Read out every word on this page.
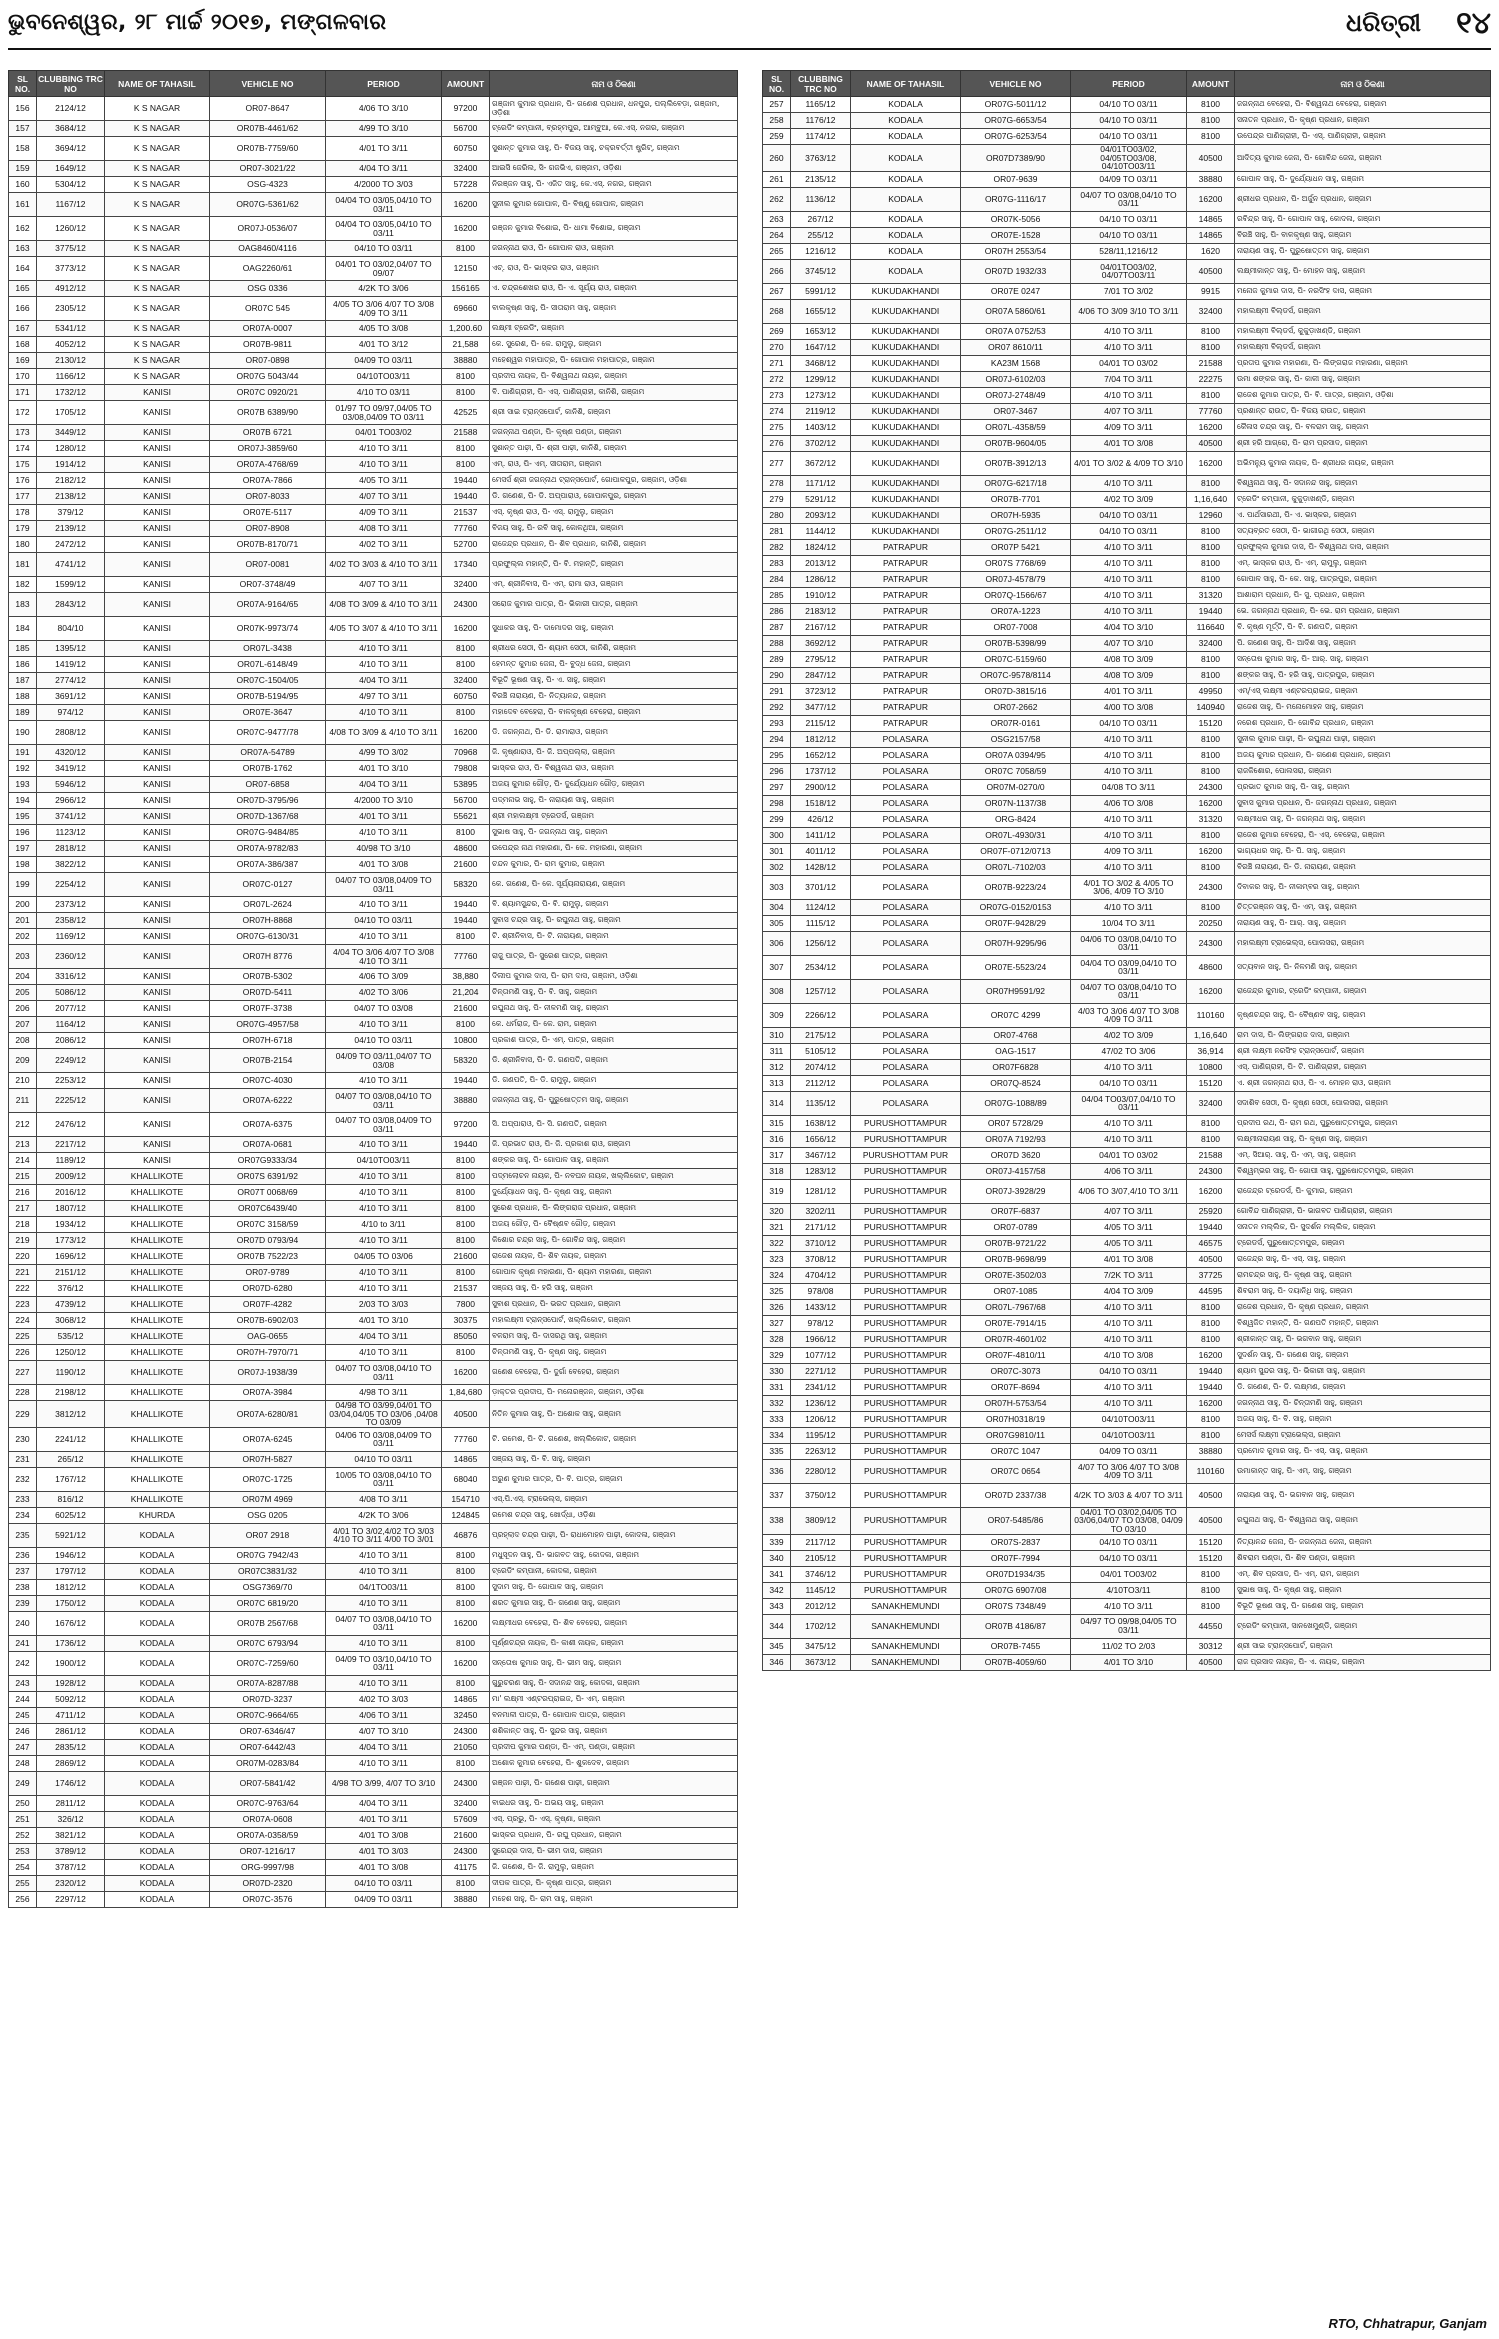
ଭୁବନେଶ୍ୱର, ୨୮ ମାର୍ଚ୍ଚ ୨୦୧୭, ମଙ୍ଗଳବାର	ଧରିତ୍ରୀ ୧୪
SL NO.	CLUBBING TRC NO	NAME OF TAHASIL	VEHICLE NO	PERIOD	AMOUNT	ନାମ ଓ ଠିକଣା
156	2124/12	K S NAGAR	OR07-8647	4/06 TO 3/10	97200	ଗଞ୍ଜାମ କୁମାର ପ୍ରଧାନ, ପି- ଗଣେଶ ପ୍ରଧାନ, ଧନପୁର, ପଲ୍ଲିବେଡ଼ା, ଗଞ୍ଜାମ, ଓଡ଼ିଶା
157	3684/12	K S NAGAR	OR07B-4461/62	4/99 TO 3/10	56700	ଟ୍ରେଡିଂ କମ୍ପାନୀ, ବ୍ରହ୍ମପୁର, ଆମ୍ବୁଆ, କେ.ଏସ୍. ନଗର, ଗଞ୍ଜାମ
158	3694/12	K S NAGAR	OR07B-7759/60	4/01 TO 3/11	60750	ସୁଶାନ୍ତ କୁମାର ସାହୁ, ପି- ବିଜୟ ସାହୁ, ଚକ୍ରବର୍ତ୍ତୀ ଷ୍ଟ୍ରିଟ୍, ଗଞ୍ଜାମ
159	1649/12	K S NAGAR	OR07-3021/22	4/04 TO 3/11	32400	ଆଇସି ଜେରିଲ, ସି- ଗଜଭିଏ, ଗଞ୍ଜାମ, ଓଡ଼ିଶା
160	5304/12	K S NAGAR	OSG-4323	4/2000 TO 3/03	57228	ନିରଞ୍ଜନ ସାହୁ, ପି- ଏଜିତ ସାହୁ, କେ.ଏସ୍. ନଗର, ଗଞ୍ଜାମ
161	1167/12	K S NAGAR	OR07G-5361/62	04/04 TO 03/05,04/10 TO 03/11	16200	ସୁନୀଲ କୁମାର ଗୋପାଳ, ପି- ବିଷ୍ଣୁ ଗୋପାଳ, ଗଞ୍ଜାମ
162	1260/12	K S NAGAR	OR07J-0536/07	04/04 TO 03/05,04/10 TO 03/11	16200	ରଞ୍ଜନ କୁମାର ବିଶୋଇ, ପି- ଧାମା ବିଶୋଇ, ଗଞ୍ଜାମ
163	3775/12	K S NAGAR	OAG8460/4116	04/10 TO 03/11	8100	ଜଗନ୍ନାଥ ରାଓ, ପି- ଗୋପାଳ ରାଓ, ଗଞ୍ଜାମ
164	3773/12	K S NAGAR	OAG2260/61	04/01 TO 03/02,04/07 TO 09/07	12150	ଏଚ୍. ରାଓ, ପି- ଭାସ୍କର ରାଓ, ଗଞ୍ଜାମ
165	4912/12	K S NAGAR	OSG 0336	4/2K TO 3/06	156165	ଏ. ଚନ୍ଦ୍ରଶେଖର ରାଓ, ପି- ଏ. ସୂର୍ଯ୍ୟ ରାଓ, ଗଞ୍ଜାମ
166	2305/12	K S NAGAR	OR07C 545	4/05 TO 3/06 4/07 TO 3/08 4/09 TO 3/11	69660	ବାଲକୃଷ୍ଣ ସାହୁ, ପି- ସୀତାରାମ ସାହୁ, ଗଞ୍ଜାମ
167	5341/12	K S NAGAR	OR07A-0007	4/05 TO 3/08	1,200.60	ଲକ୍ଷ୍ମୀ ଟ୍ରେଡିଂ, ଗଞ୍ଜାମ
168	4052/12	K S NAGAR	OR07B-9811	4/01 TO 3/12	21,588	କେ. ସୁରେଶ, ପି- କେ. ରାମୁଲୁ, ଗଞ୍ଜାମ
169	2130/12	K S NAGAR	OR07-0898	04/09 TO 03/11	38880	ମହେଶ୍ୱର ମହାପାତ୍ର, ପି- ଗୋପାଳ ମହାପାତ୍ର, ଗଞ୍ଜାମ
170	1166/12	K S NAGAR	OR07G 5043/44	04/10TO03/11	8100	ପ୍ରଦୀପ ନାୟକ, ପି- ବିଶ୍ୱନାଥ ନାୟକ, ଗଞ୍ଜାମ
171	1732/12	KANISI	OR07C 0920/21	4/10 TO 03/11	8100	ବି. ପାଣିଗ୍ରାହୀ, ପି- ଏସ୍. ପାଣିଗ୍ରାହୀ, କାନିଶି, ଗଞ୍ଜାମ
172	1705/12	KANISI	OR07B 6389/90	01/97 TO 09/97,04/05 TO 03/08,04/09 TO 03/11	42525	ଶ୍ରୀ ସାଇ ଟ୍ରାନ୍ସପୋର୍ଟ, କାନିଶି, ଗଞ୍ଜାମ
173	3449/12	KANISI	OR07B 6721	04/01 TO03/02	21588	ଜଗନ୍ନାଥ ପଣ୍ଡା, ପି- କୃଷ୍ଣ ପଣ୍ଡା, ଗଞ୍ଜାମ
174	1280/12	KANISI	OR07J-3859/60	4/10 TO 3/11	8100	ସୁଶାନ୍ତ ପାଢ଼ୀ, ପି- ଶ୍ରୀ ପାଢ଼ୀ, କାନିଶି, ଗଞ୍ଜାମ
175	1914/12	KANISI	OR07A-4768/69	4/10 TO 3/11	8100	ଏମ୍. ରାଓ, ପି- ଏମ୍. ସୀତାରାମ, ଗଞ୍ଜାମ
176	2182/12	KANISI	OR07A-7866	4/05 TO 3/11	19440	ମେସର୍ସ ଶ୍ରୀ ଜଗନ୍ନାଥ ଟ୍ରାନ୍ସପୋର୍ଟ, ଗୋପାଳପୁର, ଗଞ୍ଜାମ, ଓଡ଼ିଶା
177	2138/12	KANISI	OR07-8033	4/07 TO 3/11	19440	ଡି. ଗଣେଶ, ପି- ଡି. ଅପ୍ପାରାଓ, ଗୋପାଳପୁର, ଗଞ୍ଜାମ
178	379/12	KANISI	OR07E-5117	4/09 TO 3/11	21537	ଏସ୍. କୃଷ୍ଣ ରାଓ, ପି- ଏସ୍. ରାମୁଲୁ, ଗଞ୍ଜାମ
179	2139/12	KANISI	OR07-8908	4/08 TO 3/11	77760	ବିଜୟ ସାହୁ, ପି- ରବି ସାହୁ, କୋଳଥିଆ, ଗଞ୍ଜାମ
180	2472/12	KANISI	OR07B-8170/71	4/02 TO 3/11	52700	ରାଜେନ୍ଦ୍ର ପ୍ରଧାନ, ପି- ଶିବ ପ୍ରଧାନ, କାନିଶି, ଗଞ୍ଜାମ
181	4741/12	KANISI	OR07-0081	4/02 TO 3/03 & 4/10 TO 3/11	17340	ପ୍ରଫୁଲ୍ଲ ମହାନ୍ତି, ପି- ବି. ମହାନ୍ତି, ଗଞ୍ଜାମ
182	1599/12	KANISI	OR07-3748/49	4/07 TO 3/11	32400	ଏମ୍. ଶ୍ରୀନିବାସ, ପି- ଏମ୍. ରାମା ରାଓ, ଗଞ୍ଜାମ
183	2843/12	KANISI	OR07A-9164/65	4/08 TO 3/09 & 4/10 TO 3/11	24300	ସରୋଜ କୁମାର ପାତ୍ର, ପି- ଭିକାରୀ ପାତ୍ର, ଗଞ୍ଜାମ
184	804/10	KANISI	OR07K-9973/74	4/05 TO 3/07 & 4/10 TO 3/11	16200	ସୁଧାକର ସାହୁ, ପି- ଦାମୋଦର ସାହୁ, ଗଞ୍ଜାମ
185	1395/12	KANISI	OR07L-3438	4/10 TO 3/11	8100	ଶ୍ରୀଧର ସେଠୀ, ପି- ଶ୍ୟାମ ସେଠୀ, କାନିଶି, ଗଞ୍ଜାମ
186	1419/12	KANISI	OR07L-6148/49	4/10 TO 3/11	8100	ହେମନ୍ତ କୁମାର ଜେନା, ପି- ବୁଦ୍ଧ ଜେନା, ଗଞ୍ଜାମ
187	2774/12	KANISI	OR07C-1504/05	4/04 TO 3/11	32400	ବିଭୂତି ଭୂଷଣ ସାହୁ, ପି- ଏ. ସାହୁ, ଗଞ୍ଜାମ
188	3691/12	KANISI	OR07B-5194/95	4/97 TO 3/11	60750	ବିରଞ୍ଚି ନାରାୟଣ, ପି- ନିତ୍ୟାନନ୍ଦ, ଗଞ୍ଜାମ
189	974/12	KANISI	OR07E-3647	4/10 TO 3/11	8100	ମହାଦେବ ବେହେରା, ପି- ବାଳକୃଷ୍ଣ ବେହେରା, ଗଞ୍ଜାମ
190	2808/12	KANISI	OR07C-9477/78	4/08 TO 3/09 & 4/10 TO 3/11	16200	ଡି. ଜଗନ୍ନାଥ, ପି- ଡି. ରାମାରାଓ, ଗଞ୍ଜାମ
191	4320/12	KANISI	OR07A-54789	4/99 TO 3/02	70968	ଜି. କୃଷ୍ଣାରାଓ, ପି- ଜି. ଅପ୍ପଲ୍ଲା, ଗଞ୍ଜାମ
192	3419/12	KANISI	OR07B-1762	4/01 TO 3/10	79808	ଭାସ୍କର ରାଓ, ପି- ବିଶ୍ୱନାଥ ରାଓ, ଗଞ୍ଜାମ
193	5946/12	KANISI	OR07-6858	4/04 TO 3/11	53895	ଅଜୟ କୁମାର ଗୌଡ଼, ପି- ଦୁର୍ଯ୍ୟୋଧନ ଗୌଡ଼, ଗଞ୍ଜାମ
194	2966/12	KANISI	OR07D-3795/96	4/2000 TO 3/10	56700	ପଦ୍ମନାଭ ସାହୁ, ପି- ନାରାୟଣ ସାହୁ, ଗଞ୍ଜାମ
195	3741/12	KANISI	OR07D-1367/68	4/01 TO 3/11	55621	ଶ୍ରୀ ମହାଲକ୍ଷ୍ମୀ ଟ୍ରେଡର୍ସ, ଗଞ୍ଜାମ
196	1123/12	KANISI	OR07G-9484/85	4/10 TO 3/11	8100	ସୁଭାଷ ସାହୁ, ପି- ଜଗନ୍ନାଥ ସାହୁ, ଗଞ୍ଜାମ
197	2818/12	KANISI	OR07A-9782/83	40/98 TO 3/10	48600	ଉପେନ୍ଦ୍ର ନାଥ ମହାରଣା, ପି- କେ. ମହାରଣା, ଗଞ୍ଜାମ
198	3822/12	KANISI	OR07A-386/387	4/01 TO 3/08	21600	ଚନ୍ଦନ କୁମାର, ପି- ରାମ କୁମାର, ଗଞ୍ଜାମ
199	2254/12	KANISI	OR07C-0127	04/07 TO 03/08,04/09 TO 03/11	58320	କେ. ଗଣେଶ, ପି- କେ. ସୂର୍ଯ୍ୟନାରାୟଣ, ଗଞ୍ଜାମ
200	2373/12	KANISI	OR07L-2624	4/10 TO 3/11	19440	ବି. ଶ୍ୟାମସୁନ୍ଦର, ପି- ବି. ରାମୁଲୁ, ଗଞ୍ଜାମ
201	2358/12	KANISI	OR07H-8868	04/10 TO 03/11	19440	ସୁବାସ ଚନ୍ଦ୍ର ସାହୁ, ପି- ରଘୁନାଥ ସାହୁ, ଗଞ୍ଜାମ
202	1169/12	KANISI	OR07G-6130/31	4/10 TO 3/11	8100	ଟି. ଶ୍ରୀନିବାସ, ପି- ଟି. ନାରାୟଣ, ଗଞ୍ଜାମ
203	2360/12	KANISI	OR07H 8776	4/04 TO 3/06 4/07 TO 3/08 4/10 TO 3/11	77760	ରାଜୁ ପାତ୍ର, ପି- ସୁରେଶ ପାତ୍ର, ଗଞ୍ଜାମ
204	3316/12	KANISI	OR07B-5302	4/06 TO 3/09	38,880	ଦିଲୀପ କୁମାର ଦାସ, ପି- ରାମ ଦାସ, ଗଞ୍ଜାମ, ଓଡ଼ିଶା
205	5086/12	KANISI	OR07D-5411	4/02 TO 3/06	21,204	ଚିନ୍ତାମଣି ସାହୁ, ପି- ବି. ସାହୁ, ଗଞ୍ଜାମ
206	2077/12	KANISI	OR07F-3738	04/07 TO 03/08	21600	ରଘୁନାଥ ସାହୁ, ପି- ନୀଳମଣି ସାହୁ, ଗଞ୍ଜାମ
207	1164/12	KANISI	OR07G-4957/58	4/10 TO 3/11	8100	କେ. ଧର୍ମରାଜ, ପି- କେ. ରାମ, ଗଞ୍ଜାମ
208	2086/12	KANISI	OR07H-6718	04/10 TO 03/11	10800	ପ୍ରକାଶ ପାତ୍ର, ପି- ଏମ୍. ପାତ୍ର, ଗଞ୍ଜାମ
209	2249/12	KANISI	OR07B-2154	04/09 TO 03/11,04/07 TO 03/08	58320	ଡି. ଶ୍ରୀନିବାସ, ପି- ଡି. ଗଣପତି, ଗଞ୍ଜାମ
210	2253/12	KANISI	OR07C-4030	4/10 TO 3/11	19440	ଡି. ଗଣପତି, ପି- ଡି. ରାମୁଲୁ, ଗଞ୍ଜାମ
211	2225/12	KANISI	OR07A-6222	04/07 TO 03/08,04/10 TO 03/11	38880	ଜଗନ୍ନାଥ ସାହୁ, ପି- ପୁରୁଷୋତ୍ତମ ସାହୁ, ଗଞ୍ଜାମ
212	2476/12	KANISI	OR07A-6375	04/07 TO 03/08,04/09 TO 03/11	97200	ସି. ଅପ୍ପାରାଓ, ପି- ସି. ଗଣପତି, ଗଞ୍ଜାମ
213	2217/12	KANISI	OR07A-0681	4/10 TO 3/11	19440	ଜି. ପ୍ରଭାତ ରାଓ, ପି- ଜି. ପ୍ରକାଶ ରାଓ, ଗଞ୍ଜାମ
214	1189/12	KANISI	OR07G9333/34	04/10TO03/11	8100	ଶଙ୍କର ସାହୁ, ପି- ଗୋପାଳ ସାହୁ, ଗଞ୍ଜାମ
215	2009/12	KHALLIKOTE	OR07S 6391/92	4/10 TO 3/11	8100	ପଦ୍ମଲୋଚନ ନାୟକ, ପି- ନବଘନ ନାୟକ, ଖଲ୍ଲିକୋଟ, ଗଞ୍ଜାମ
216	2016/12	KHALLIKOTE	OR07T 0068/69	4/10 TO 3/11	8100	ଦୁର୍ଯ୍ୟୋଧନ ସାହୁ, ପି- କୃଷ୍ଣ ସାହୁ, ଗଞ୍ଜାମ
217	1807/12	KHALLIKOTE	OR07C6439/40	4/10 TO 3/11	8100	ସୁରେଶ ପ୍ରଧାନ, ପି- ଲିଙ୍ଗରାଜ ପ୍ରଧାନ, ଗଞ୍ଜାମ
218	1934/12	KHALLIKOTE	OR07C 3158/59	4/10 to 3/11	8100	ଅଜୟ ଗୌଡ଼, ପି- ବୈଷ୍ଣବ ଗୌଡ଼, ଗଞ୍ଜାମ
219	1773/12	KHALLIKOTE	OR07D 0793/94	4/10 TO 3/11	8100	କିଶୋର ଚନ୍ଦ୍ର ସାହୁ, ପି- ଗୋବିନ୍ଦ ସାହୁ, ଗଞ୍ଜାମ
220	1696/12	KHALLIKOTE	OR07B 7522/23	04/05 TO 03/06	21600	ରାଜେଶ ନାୟକ, ପି- ଶିବ ନାୟକ, ଗଞ୍ଜାମ
221	2151/12	KHALLIKOTE	OR07-9789	4/10 TO 3/11	8100	ଗୋପାଳ କୃଷ୍ଣ ମହାରଣା, ପି- ଶ୍ୟାମ ମହାରଣା, ଗଞ୍ଜାମ
222	376/12	KHALLIKOTE	OR07D-6280	4/10 TO 3/11	21537	ସଞ୍ଜୟ ସାହୁ, ପି- ହରି ସାହୁ, ଗଞ୍ଜାମ
223	4739/12	KHALLIKOTE	OR07F-4282	2/03 TO 3/03	7800	ସୁବାଶ ପ୍ରଧାନ, ପି- ଭରତ ପ୍ରଧାନ, ଗଞ୍ଜାମ
224	3068/12	KHALLIKOTE	OR07B-6902/03	4/01 TO 3/10	30375	ମହାଲକ୍ଷ୍ମୀ ଟ୍ରାନ୍ସପୋର୍ଟ, ଖଲ୍ଲିକୋଟ, ଗଞ୍ଜାମ
225	535/12	KHALLIKOTE	OAG-0655	4/04 TO 3/11	85050	ବଳରାମ ସାହୁ, ପି- ଦାସରଥି ସାହୁ, ଗଞ୍ଜାମ
226	1250/12	KHALLIKOTE	OR07H-7970/71	4/10 TO 3/11	8100	ଚିନ୍ତାମଣି ସାହୁ, ପି- କୃଷ୍ଣ ସାହୁ, ଗଞ୍ଜାମ
227	1190/12	KHALLIKOTE	OR07J-1938/39	04/07 TO 03/08,04/10 TO 03/11	16200	ଗଣେଶ ବେହେରା, ପି- ଦୁର୍ଗା ବେହେରା, ଗଞ୍ଜାମ
228	2198/12	KHALLIKOTE	OR07A-3984	4/98 TO 3/11	1,84,680	ଡ଼ାକ୍ତର ପ୍ରଦୀପ, ପି- ମନୋରଞ୍ଜନ, ଗଞ୍ଜାମ, ଓଡ଼ିଶା
229	3812/12	KHALLIKOTE	OR07A-6280/81	04/98 TO 03/99,04/01 TO 03/04,04/05 TO 03/06 ,04/08 TO 03/09	40500	ନିତିନ କୁମାର ସାହୁ, ପି- ଅଶୋକ ସାହୁ, ଗଞ୍ଜାମ
230	2241/12	KHALLIKOTE	OR07A-6245	04/06 TO 03/08,04/09 TO 03/11	77760	ଟି. ରମେଶ, ପି- ଟି. ଗଣେଶ, ଖଲ୍ଲିକୋଟ, ଗଞ୍ଜାମ
231	265/12	KHALLIKOTE	OR07H-5827	04/10 TO 03/11	14865	ସଞ୍ଜୟ ସାହୁ, ପି- ବି. ସାହୁ, ଗଞ୍ଜାମ
232	1767/12	KHALLIKOTE	OR07C-1725	10/05 TO 03/08,04/10 TO 03/11	68040	ଅରୁଣ କୁମାର ପାତ୍ର, ପି- ବି. ପାତ୍ର, ଗଞ୍ଜାମ
233	816/12	KHALLIKOTE	OR07M 4969	4/08 TO 3/11	154710	ଏସ୍.ପି.ଏସ୍. ଟ୍ରାଭେଲ୍ସ, ଗଞ୍ଜାମ
234	6025/12	KHURDA	OSG 0205	4/2K TO 3/06	124845	ରମେଶ ଚନ୍ଦ୍ର ସାହୁ, ଖୋର୍ଦ୍ଧା, ଓଡ଼ିଶା
235	5921/12	KODALA	OR07 2918	4/01 TO 3/02,4/02 TO 3/03 4/10 TO 3/11 4/00 TO 3/01	46876	ପ୍ରହ୍ଲାଦ ଚନ୍ଦ୍ର ପାଢ଼ୀ, ପି- ରାଧାମୋହନ ପାଢ଼ୀ, କୋଦଳା, ଗଞ୍ଜାମ
236	1946/12	KODALA	OR07G 7942/43	4/10 TO 3/11	8100	ମଧୁସୂଦନ ସାହୁ, ପି- ଭାଗବତ ସାହୁ, କୋଦଳା, ଗଞ୍ଜାମ
237	1797/12	KODALA	OR07C3831/32	4/10 TO 3/11	8100	ଟ୍ରେଡିଂ କମ୍ପାନୀ, କୋଦଳା, ଗଞ୍ଜାମ
238	1812/12	KODALA	OSG7369/70	04/1TO03/11	8100	ସୁଦାମ ସାହୁ, ପି- ଗୋପାଳ ସାହୁ, ଗଞ୍ଜାମ
239	1750/12	KODALA	OR07C 6819/20	4/10 TO 3/11	8100	ଶରତ କୁମାର ସାହୁ, ପି- ଗଣେଶ ସାହୁ, ଗଞ୍ଜାମ
240	1676/12	KODALA	OR07B 2567/68	04/07 TO 03/08,04/10 TO 03/11	16200	ଲକ୍ଷ୍ମୀଧର ବେହେରା, ପି- ଶିବ ବେହେରା, ଗଞ୍ଜାମ
241	1736/12	KODALA	OR07C 6793/94	4/10 TO 3/11	8100	ପୂର୍ଣ୍ଣଚନ୍ଦ୍ର ନାୟକ, ପି- କାଶୀ ନାୟକ, ଗଞ୍ଜାମ
242	1900/12	KODALA	OR07C-7259/60	04/09 TO 03/10,04/10 TO 03/11	16200	ସନ୍ତୋଷ କୁମାର ସାହୁ, ପି- ଭୀମ ସାହୁ, ଗଞ୍ଜାମ
243	1928/12	KODALA	OR07A-8287/88	4/10 TO 3/11	8100	ଗୁରୁଚରଣ ସାହୁ, ପି- ସଦାନନ୍ଦ ସାହୁ, କୋଦଳା, ଗଞ୍ଜାମ
244	5092/12	KODALA	OR07D-3237	4/02 TO 3/03	14865	ମା' ଲକ୍ଷ୍ମୀ ଏଣ୍ଟରପ୍ରାଇଜ, ପି- ଏମ୍. ଗଞ୍ଜାମ
245	4711/12	KODALA	OR07C-9664/65	4/06 TO 3/11	32450	ବନମାଳୀ ପାତ୍ର, ପି- ଗୋପାଳ ପାତ୍ର, ଗଞ୍ଜାମ
246	2861/12	KODALA	OR07-6346/47	4/07 TO 3/10	24300	ଶଶିକାନ୍ତ ସାହୁ, ପି- ସୁନ୍ଦର ସାହୁ, ଗଞ୍ଜାମ
247	2835/12	KODALA	OR07-6442/43	4/04 TO 3/11	21050	ପ୍ରଦୀପ କୁମାର ପଣ୍ଡା, ପି- ଏମ୍. ପଣ୍ଡା, ଗଞ୍ଜାମ
248	2869/12	KODALA	OR07M-0283/84	4/10 TO 3/11	8100	ଅଶୋକ କୁମାର ବେହେରା, ପି- ଶୁକଦେବ, ଗଞ୍ଜାମ
249	1746/12	KODALA	OR07-5841/42	4/98 TO 3/99, 4/07 TO 3/10	24300	ରଞ୍ଜନ ପାଢ଼ୀ, ପି- ଗଣେଶ ପାଢ଼ୀ, ଗଞ୍ଜାମ
250	2811/12	KODALA	OR07C-9763/64	4/04 TO 3/11	32400	ବାଇଧର ସାହୁ, ପି- ଅଭୟ ସାହୁ, ଗଞ୍ଜାମ
251	326/12	KODALA	OR07A-0608	4/01 TO 3/11	57609	ଏସ୍. ପ୍ରଭୁ, ପି- ଏସ୍. କୃଷ୍ଣା, ଗଞ୍ଜାମ
252	3821/12	KODALA	OR07A-0358/59	4/01 TO 3/08	21600	ଭାସ୍କର ପ୍ରଧାନ, ପି- ରଘୁ ପ୍ରଧାନ, ଗଞ୍ଜାମ
253	3789/12	KODALA	OR07-1216/17	4/01 TO 3/03	24300	ସୁରେନ୍ଦ୍ର ଦାସ, ପି- ଭୀମ ଦାସ, ଗଞ୍ଜାମ
254	3787/12	KODALA	ORG-9997/98	4/01 TO 3/08	41175	ଜି. ଗଣେଶ, ପି- ଜି. ରାମୁଲୁ, ଗଞ୍ଜାମ
255	2320/12	KODALA	OR07D-2320	04/10 TO 03/11	8100	ଦୀପକ ପାତ୍ର, ପି- କୃଷ୍ଣ ପାତ୍ର, ଗଞ୍ଜାମ
256	2297/12	KODALA	OR07C-3576	04/09 TO 03/11	38880	ମହେଶ ସାହୁ, ପି- ରାମ ସାହୁ, ଗଞ୍ଜାମ
SL NO.	CLUBBING TRC NO	NAME OF TAHASIL	VEHICLE NO	PERIOD	AMOUNT	ନାମ ଓ ଠିକଣା
257	1165/12	KODALA	OR07G-5011/12	04/10 TO 03/11	8100	ଜଗନ୍ନାଥ ବେହେରା, ପି- ବିଶ୍ୱନାଥ ବେହେରା, ଗଞ୍ଜାମ
258	1176/12	KODALA	OR07G-6653/54	04/10 TO 03/11	8100	ସନାତନ ପ୍ରଧାନ, ପି- କୃଷ୍ଣ ପ୍ରଧାନ, ଗଞ୍ଜାମ
259	1174/12	KODALA	OR07G-6253/54	04/10 TO 03/11	8100	ଉପେନ୍ଦ୍ର ପାଣିଗ୍ରାହୀ, ପି- ଏସ୍. ପାଣିଗ୍ରାହୀ, ଗଞ୍ଜାମ
260	3763/12	KODALA	OR07D7389/90	04/01TO03/02, 04/05TO03/08, 04/10TO03/11	40500	ଆଦିତ୍ୟ କୁମାର ଜେନା, ପି- ଗୋବିନ୍ଦ ଜେନା, ଗଞ୍ଜାମ
261	2135/12	KODALA	OR07-9639	04/09 TO 03/11	38880	ଗୋପାଳ ସାହୁ, ପି- ଦୁର୍ଯ୍ୟୋଧନ ସାହୁ, ଗଞ୍ଜାମ
262	1136/12	KODALA	OR07G-1116/17	04/07 TO 03/08,04/10 TO 03/11	16200	ଶ୍ରୀଧର ପ୍ରଧାନ, ପି- ଅର୍ଜୁନ ପ୍ରଧାନ, ଗଞ୍ଜାମ
263	267/12	KODALA	OR07K-5056	04/10 TO 03/11	14865	ରବିନ୍ଦ୍ର ସାହୁ, ପି- ଗୋପାଳ ସାହୁ, କୋଦଳା, ଗଞ୍ଜାମ
264	255/12	KODALA	OR07E-1528	04/10 TO 03/11	14865	ବିରଞ୍ଚି ସାହୁ, ପି- ବାଳକୃଷ୍ଣ ସାହୁ, ଗଞ୍ଜାମ
265	1216/12	KODALA	OR07H 2553/54	528/11,1216/12	1620	ନାରାୟଣ ସାହୁ, ପି- ପୁରୁଷୋତ୍ତମ ସାହୁ, ଗଞ୍ଜାମ
266	3745/12	KODALA	OR07D 1932/33	04/01TO03/02, 04/07TO03/11	40500	ଲକ୍ଷ୍ମୀକାନ୍ତ ସାହୁ, ପି- ମୋହନ ସାହୁ, ଗଞ୍ଜାମ
267	5991/12	KUKUDAKHANDI	OR07E 0247	7/01 TO 3/02	9915	ମନୋଜ କୁମାର ଦାସ, ପି- ନରସିଂହ ଦାସ, ଗଞ୍ଜାମ
268	1655/12	KUKUDAKHANDI	OR07A 5860/61	4/06 TO 3/09 3/10 TO 3/11	32400	ମହାଲକ୍ଷ୍ମୀ ବିଲ୍ଡର୍ସ, ଗଞ୍ଜାମ
269	1653/12	KUKUDAKHANDI	OR07A 0752/53	4/10 TO 3/11	8100	ମହାଲକ୍ଷ୍ମୀ ବିଲ୍ଡର୍ସ, କୁକୁଡ଼ାଖଣ୍ଡି, ଗଞ୍ଜାମ
270	1647/12	KUKUDAKHANDI	OR07 8610/11	4/10 TO 3/11	8100	ମହାଲକ୍ଷ୍ମୀ ବିଲ୍ଡର୍ସ, ଗଞ୍ଜାମ
271	3468/12	KUKUDAKHANDI	KA23M 1568	04/01 TO 03/02	21588	ପ୍ରତାପ କୁମାର ମହାରଣା, ପି- ଲିଙ୍ଗରାଜ ମହାରଣା, ଗଞ୍ଜାମ
272	1299/12	KUKUDAKHANDI	OR07J-6102/03	7/04 TO 3/11	22275	ଉମା ଶଙ୍କର ସାହୁ, ପି- କାଳୀ ସାହୁ, ଗଞ୍ଜାମ
273	1273/12	KUKUDAKHANDI	OR07J-2748/49	4/10 TO 3/11	8100	ରାଜେଶ କୁମାର ପାତ୍ର, ପି- ବି. ପାତ୍ର, ଗଞ୍ଜାମ, ଓଡ଼ିଶା
274	2119/12	KUKUDAKHANDI	OR07-3467	4/07 TO 3/11	77760	ପ୍ରଶାନ୍ତ ରାଉତ, ପି- ବିଜୟ ରାଉତ, ଗଞ୍ଜାମ
275	1403/12	KUKUDAKHANDI	OR07L-4358/59	4/09 TO 3/11	16200	କୈଳାସ ଚନ୍ଦ୍ର ସାହୁ, ପି- ବଳରାମ ସାହୁ, ଗଞ୍ଜାମ
276	3702/12	KUKUDAKHANDI	OR07B-9604/05	4/01 TO 3/08	40500	ଶ୍ରୀ ହରି ଆଗ୍ରୋ, ପି- ରାମ ପ୍ରସାଦ, ଗଞ୍ଜାମ
277	3672/12	KUKUDAKHANDI	OR07B-3912/13	4/01 TO 3/02 & 4/09 TO 3/10	16200	ଅଭିମନ୍ୟୁ କୁମାର ନାୟକ, ପି- ଶ୍ରୀଧର ନାୟକ, ଗଞ୍ଜାମ
278	1171/12	KUKUDAKHANDI	OR07G-6217/18	4/10 TO 3/11	8100	ବିଶ୍ୱନାଥ ସାହୁ, ପି- ସଦାନନ୍ଦ ସାହୁ, ଗଞ୍ଜାମ
279	5291/12	KUKUDAKHANDI	OR07B-7701	4/02 TO 3/09	1,16,640	ଟ୍ରେଡିଂ କମ୍ପାନୀ, କୁକୁଡ଼ାଖଣ୍ଡି, ଗଞ୍ଜାମ
280	2093/12	KUKUDAKHANDI	OR07H-5935	04/10 TO 03/11	12960	ଏ. ପାର୍ଥସାରଥୀ, ପି- ଏ. ଭାସ୍କର, ଗଞ୍ଜାମ
281	1144/12	KUKUDAKHANDI	OR07G-2511/12	04/10 TO 03/11	8100	ସତ୍ୟବ୍ରତ ସେଠୀ, ପି- ଭାଗୀରଥି ସେଠୀ, ଗଞ୍ଜାମ
282	1824/12	PATRAPUR	OR07P 5421	4/10 TO 3/11	8100	ପ୍ରଫୁଲ୍ଲ କୁମାର ଦାସ, ପି- ବିଶ୍ୱନାଥ ଦାସ, ଗଞ୍ଜାମ
283	2013/12	PATRAPUR	OR07S 7768/69	4/10 TO 3/11	8100	ଏମ୍. ଭାସ୍କର ରାଓ, ପି- ଏମ୍. ରାମୁଲୁ, ଗଞ୍ଜାମ
284	1286/12	PATRAPUR	OR07J-4578/79	4/10 TO 3/11	8100	ଗୋପାଳ ସାହୁ, ପି- କେ. ସାହୁ, ପାତ୍ରପୁର, ଗଞ୍ଜାମ
285	1910/12	PATRAPUR	OR07Q-1566/67	4/10 TO 3/11	31320	ଆଶାରାମ ପ୍ରଧାନ, ପି- ସୁ. ପ୍ରଧାନ, ଗଞ୍ଜାମ
286	2183/12	PATRAPUR	OR07A-1223	4/10 TO 3/11	19440	ଭେ. ଜଗନ୍ନାଥ ପ୍ରଧାନ, ପି- ଭେ. ରାମ ପ୍ରଧାନ, ଗଞ୍ଜାମ
287	2167/12	PATRAPUR	OR07-7008	4/04 TO 3/10	116640	ବି. କୃଷ୍ଣ ମୂର୍ତ୍ତି, ପି- ବି. ଗଣପତି, ଗଞ୍ଜାମ
288	3692/12	PATRAPUR	OR07B-5398/99	4/07 TO 3/10	32400	ପି. ଗଣେଶ ସାହୁ, ପି- ଆଦିଶ ସାହୁ, ଗଞ୍ଜାମ
289	2795/12	PATRAPUR	OR07C-5159/60	4/08 TO 3/09	8100	ସନ୍ତୋଷ କୁମାର ସାହୁ, ପି- ଆର୍. ସାହୁ, ଗଞ୍ଜାମ
290	2847/12	PATRAPUR	OR07C-9578/8114	4/08 TO 3/09	8100	ଶଙ୍କର ସାହୁ, ପି- ହରି ସାହୁ, ପାତ୍ରପୁର, ଗଞ୍ଜାମ
291	3723/12	PATRAPUR	OR07D-3815/16	4/01 TO 3/11	49950	ଏମ୍/ଏସ୍ ଲକ୍ଷ୍ମୀ ଏଣ୍ଟରପ୍ରାଇଜ, ଗଞ୍ଜାମ
292	3477/12	PATRAPUR	OR07-2662	4/00 TO 3/08	140940	ରାଜେଶ ସାହୁ, ପି- ମନୋମୋହନ ସାହୁ, ଗଞ୍ଜାମ
293	2115/12	PATRAPUR	OR07R-0161	04/10 TO 03/11	15120	ନରେଶ ପ୍ରଧାନ, ପି- ଗୋବିନ୍ଦ ପ୍ରଧାନ, ଗଞ୍ଜାମ
294	1812/12	POLASARA	OSG2157/58	4/10 TO 3/11	8100	ସୁନୀଲ କୁମାର ପାଢ଼ୀ, ପି- ରଘୁନାଥ ପାଢ଼ୀ, ଗଞ୍ଜାମ
295	1652/12	POLASARA	OR07A 0394/95	4/10 TO 3/11	8100	ଅଜୟ କୁମାର ପ୍ରଧାନ, ପି- ଗଣେଶ ପ୍ରଧାନ, ଗଞ୍ଜାମ
296	1737/12	POLASARA	OR07C 7058/59	4/10 TO 3/11	8100	ରାଜକିଶୋର, ପୋଲସରା, ଗଞ୍ଜାମ
297	2900/12	POLASARA	OR07M-0270/0	04/08 TO 3/11	24300	ପ୍ରଭାତ କୁମାର ସାହୁ, ପି- ସାହୁ, ଗଞ୍ଜାମ
298	1518/12	POLASARA	OR07N-1137/38	4/06 TO 3/08	16200	ସୁବାସ କୁମାର ପ୍ରଧାନ, ପି- ଜଗନ୍ନାଥ ପ୍ରଧାନ, ଗଞ୍ଜାମ
299	426/12	POLASARA	ORG-8424	4/10 TO 3/11	31320	ଲକ୍ଷ୍ମୀଧର ସାହୁ, ପି- ଜଗନ୍ନାଥ ସାହୁ, ଗଞ୍ଜାମ
300	1411/12	POLASARA	OR07L-4930/31	4/10 TO 3/11	8100	ରାଜେଶ କୁମାର ବେହେରା, ପି- ଏସ୍. ବେହେରା, ଗଞ୍ଜାମ
301	4011/12	POLASARA	OR07F-0712/0713	4/09 TO 3/11	16200	ଭାଗ୍ୟଧର ସାହୁ, ପି- ପି. ସାହୁ, ଗଞ୍ଜାମ
302	1428/12	POLASARA	OR07L-7102/03	4/10 TO 3/11	8100	ବିରଞ୍ଚି ନାରାୟଣ, ପି- ଡି. ନାରାୟଣ, ଗଞ୍ଜାମ
303	3701/12	POLASARA	OR07B-9223/24	4/01 TO 3/02 & 4/05 TO 3/06, 4/09 TO 3/10	24300	ଦିବାକର ସାହୁ, ପି- ନୀଳାମ୍ବର ସାହୁ, ଗଞ୍ଜାମ
304	1124/12	POLASARA	OR07G-0152/0153	4/10 TO 3/11	8100	ଚିତ୍ତରଞ୍ଜନ ସାହୁ, ପି- ଏମ୍. ସାହୁ, ଗଞ୍ଜାମ
305	1115/12	POLASARA	OR07F-9428/29	10/04 TO 3/11	20250	ନାରାୟଣ ସାହୁ, ପି- ଆର୍. ସାହୁ, ଗଞ୍ଜାମ
306	1256/12	POLASARA	OR07H-9295/96	04/06 TO 03/08,04/10 TO 03/11	24300	ମହାଲକ୍ଷ୍ମୀ ଟ୍ରାଭେଲ୍ସ, ପୋଲସରା, ଗଞ୍ଜାମ
307	2534/12	POLASARA	OR07E-5523/24	04/04 TO 03/09,04/10 TO 03/11	48600	ସତ୍ୟବାନ ସାହୁ, ପି- ନିଳମଣି ସାହୁ, ଗଞ୍ଜାମ
308	1257/12	POLASARA	OR07H9591/92	04/07 TO 03/08,04/10 TO 03/11	16200	ରାଜେନ୍ଦ୍ର କୁମାର, ଟ୍ରେଡିଂ କମ୍ପାନୀ, ଗଞ୍ଜାମ
309	2266/12	POLASARA	OR07C 4299	4/03 TO 3/06 4/07 TO 3/08 4/09 TO 3/11	110160	କୃଷ୍ଣଚନ୍ଦ୍ର ସାହୁ, ପି- ବୈଷ୍ଣବ ସାହୁ, ଗଞ୍ଜାମ
310	2175/12	POLASARA	OR07-4768	4/02 TO 3/09	1,16,640	ରାମ ଦାସ, ପି- ଲିଙ୍ଗରାଜ ଦାସ, ଗଞ୍ଜାମ
311	5105/12	POLASARA	OAG-1517	47/02 TO 3/06	36,914	ଶ୍ରୀ ଲକ୍ଷ୍ମୀ ନରସିଂହ ଟ୍ରାନ୍ସପୋର୍ଟ, ଗଞ୍ଜାମ
312	2074/12	POLASARA	OR07F6828	4/10 TO 3/11	10800	ଏସ୍. ପାଣିଗ୍ରାହୀ, ପି- ଟି. ପାଣିଗ୍ରାହୀ, ଗଞ୍ଜାମ
313	2112/12	POLASARA	OR07Q-8524	04/10 TO 03/11	15120	ଏ. ଶ୍ରୀ ଜଗନ୍ନାଥ ରାଓ, ପି- ଏ. ମୋହନ ରାଓ, ଗଞ୍ଜାମ
314	1135/12	POLASARA	OR07G-1088/89	04/04 TO03/07,04/10 TO 03/11	32400	ସଦାଶିବ ସେଠୀ, ପି- କୃଷ୍ଣ ସେଠୀ, ପୋଲସରା, ଗଞ୍ଜାମ
315	1638/12	PURUSHOTTAMPUR	OR07 5728/29	4/10 TO 3/11	8100	ପ୍ରଦୀପ ରଥ, ପି- ରାମ ରଥ, ପୁରୁଷୋତ୍ତମପୁର, ଗଞ୍ଜାମ
316	1656/12	PURUSHOTTAMPUR	OR07A 7192/93	4/10 TO 3/11	8100	ଲକ୍ଷ୍ମୀନାରାୟଣ ସାହୁ, ପି- କୃଷ୍ଣ ସାହୁ, ଗଞ୍ଜାମ
317	3467/12	PURUSHOTTAM PUR	OR07D 3620	04/01 TO 03/02	21588	ଏମ୍. ସିଆର୍. ସାହୁ, ପି- ଏମ୍. ସାହୁ, ଗଞ୍ଜାମ
318	1283/12	PURUSHOTTAMPUR	OR07J-4157/58	4/06 TO 3/11	24300	ବିଶ୍ୱମ୍ଭର ସାହୁ, ପି- ଗୋପୀ ସାହୁ, ପୁରୁଷୋତ୍ତମପୁର, ଗଞ୍ଜାମ
319	1281/12	PURUSHOTTAMPUR	OR07J-3928/29	4/06 TO 3/07,4/10 TO 3/11	16200	ରାଜେନ୍ଦ୍ର ଟ୍ରେଡର୍ସ, ପି- କୁମାର, ଗଞ୍ଜାମ
320	3202/11	PURUSHOTTAMPUR	OR07F-6837	4/07 TO 3/11	25920	ଗୋବିନ୍ଦ ପାଣିଗ୍ରାହୀ, ପି- ଭାଗବତ ପାଣିଗ୍ରାହୀ, ଗଞ୍ଜାମ
321	2171/12	PURUSHOTTAMPUR	OR07-0789	4/05 TO 3/11	19440	ସନାତନ ମଲ୍ଲିକ, ପି- ସୁଦର୍ଶନ ମଲ୍ଲିକ, ଗଞ୍ଜାମ
322	3710/12	PURUSHOTTAMPUR	OR07B-9721/22	4/05 TO 3/11	46575	ଟ୍ରେଡର୍ସ, ପୁରୁଷୋତ୍ତମପୁର, ଗଞ୍ଜାମ
323	3708/12	PURUSHOTTAMPUR	OR07B-9698/99	4/01 TO 3/08	40500	ରାଜେନ୍ଦ୍ର ସାହୁ, ପି- ଏସ୍. ସାହୁ, ଗଞ୍ଜାମ
324	4704/12	PURUSHOTTAMPUR	OR07E-3502/03	7/2K TO 3/11	37725	ରାମଚନ୍ଦ୍ର ସାହୁ, ପି- କୃଷ୍ଣ ସାହୁ, ଗଞ୍ଜାମ
325	978/08	PURUSHOTTAMPUR	OR07-1085	4/04 TO 3/09	44595	ଶିବରାମ ସାହୁ, ପି- ଦୟାନିଧି ସାହୁ, ଗଞ୍ଜାମ
326	1433/12	PURUSHOTTAMPUR	OR07L-7967/68	4/10 TO 3/11	8100	ରାଜେଶ ପ୍ରଧାନ, ପି- କୃଷ୍ଣ ପ୍ରଧାନ, ଗଞ୍ଜାମ
327	978/12	PURUSHOTTAMPUR	OR07E-7914/15	4/10 TO 3/11	8100	ବିଶ୍ୱଜିତ ମହାନ୍ତି, ପି- ଗଣପତି ମହାନ୍ତି, ଗଞ୍ଜାମ
328	1966/12	PURUSHOTTAMPUR	OR07R-4601/02	4/10 TO 3/11	8100	ଶ୍ରୀକାନ୍ତ ସାହୁ, ପି- ଭଗବାନ ସାହୁ, ଗଞ୍ଜାମ
329	1077/12	PURUSHOTTAMPUR	OR07F-4810/11	4/10 TO 3/08	16200	ସୁଦର୍ଶନ ସାହୁ, ପି- ଗଣେଶ ସାହୁ, ଗଞ୍ଜାମ
330	2271/12	PURUSHOTTAMPUR	OR07C-3073	04/10 TO 03/11	19440	ଶ୍ୟାମ ସୁନ୍ଦର ସାହୁ, ପି- ଭିକାରୀ ସାହୁ, ଗଞ୍ଜାମ
331	2341/12	PURUSHOTTAMPUR	OR07F-8694	4/10 TO 3/11	19440	ଡି. ଗଣେଶ, ପି- ଡି. ଲକ୍ଷ୍ମଣ, ଗଞ୍ଜାମ
332	1236/12	PURUSHOTTAMPUR	OR07H-5753/54	4/10 TO 3/11	16200	ଜଗନ୍ନାଥ ସାହୁ, ପି- ଚିନ୍ତାମଣି ସାହୁ, ଗଞ୍ଜାମ
333	1206/12	PURUSHOTTAMPUR	OR07H0318/19	04/10TO03/11	8100	ଅଜୟ ସାହୁ, ପି- ବି. ସାହୁ, ଗଞ୍ଜାମ
334	1195/12	PURUSHOTTAMPUR	OR07G9810/11	04/10TO03/11	8100	ମେସର୍ସ ଲକ୍ଷ୍ମୀ ଟ୍ରାଭେଲ୍ସ, ଗଞ୍ଜାମ
335	2263/12	PURUSHOTTAMPUR	OR07C 1047	04/09 TO 03/11	38880	ପ୍ରମୋଦ କୁମାର ସାହୁ, ପି- ଏସ୍. ସାହୁ, ଗଞ୍ଜାମ
336	2280/12	PURUSHOTTAMPUR	OR07C 0654	4/07 TO 3/06 4/07 TO 3/08 4/09 TO 3/11	110160	ଉମାକାନ୍ତ ସାହୁ, ପି- ଏମ୍. ସାହୁ, ଗଞ୍ଜାମ
337	3750/12	PURUSHOTTAMPUR	OR07D 2337/38	4/2K TO 3/03 & 4/07 TO 3/11	40500	ନାରାୟଣ ସାହୁ, ପି- ଭଗବାନ ସାହୁ, ଗଞ୍ଜାମ
338	3809/12	PURUSHOTTAMPUR	OR07-5485/86	04/01 TO 03/02,04/05 TO 03/06,04/07 TO 03/08, 04/09 TO 03/10	40500	ରଘୁନାଥ ସାହୁ, ପି- ବିଶ୍ୱନାଥ ସାହୁ, ଗଞ୍ଜାମ
339	2117/12	PURUSHOTTAMPUR	OR07S-2837	04/10 TO 03/11	15120	ନିତ୍ୟାନନ୍ଦ ଜେନା, ପି- ଜଗନ୍ନାଥ ଜେନା, ଗଞ୍ଜାମ
340	2105/12	PURUSHOTTAMPUR	OR07F-7994	04/10 TO 03/11	15120	ଶିବରାମ ପଣ୍ଡା, ପି- ଶିବ ପଣ୍ଡା, ଗଞ୍ଜାମ
341	3746/12	PURUSHOTTAMPUR	OR07D1934/35	04/01 TO03/02	8100	ଏମ୍. ଶିବ ପ୍ରସାଦ, ପି- ଏମ୍. ରାମ, ଗଞ୍ଜାମ
342	1145/12	PURUSHOTTAMPUR	OR07G 6907/08	4/10TO3/11	8100	ସୁଭାଷ ସାହୁ, ପି- କୃଷ୍ଣ ସାହୁ, ଗଞ୍ଜାମ
343	2012/12	SANAKHEMUNDI	OR07S 7348/49	4/10 TO 3/11	8100	ବିଭୂତି ଭୂଷଣ ସାହୁ, ପି- ଗଣେଶ ସାହୁ, ଗଞ୍ଜାମ
344	1702/12	SANAKHEMUNDI	OR07B 4186/87	04/97 TO 09/98,04/05 TO 03/11	44550	ଟ୍ରେଡିଂ କମ୍ପାନୀ, ସାନଖେମୁଣ୍ଡି, ଗଞ୍ଜାମ
345	3475/12	SANAKHEMUNDI	OR07B-7455	11/02 TO 2/03	30312	ଶ୍ରୀ ସାଇ ଟ୍ରାନ୍ସପୋର୍ଟ, ଗଞ୍ଜାମ
346	3673/12	SANAKHEMUNDI	OR07B-4059/60	4/01 TO 3/10	40500	ରାଜ ପ୍ରସାଦ ନାୟକ, ପି- ଏ. ନାୟକ, ଗଞ୍ଜାମ
RTO, Chhatrapur, Ganjam
